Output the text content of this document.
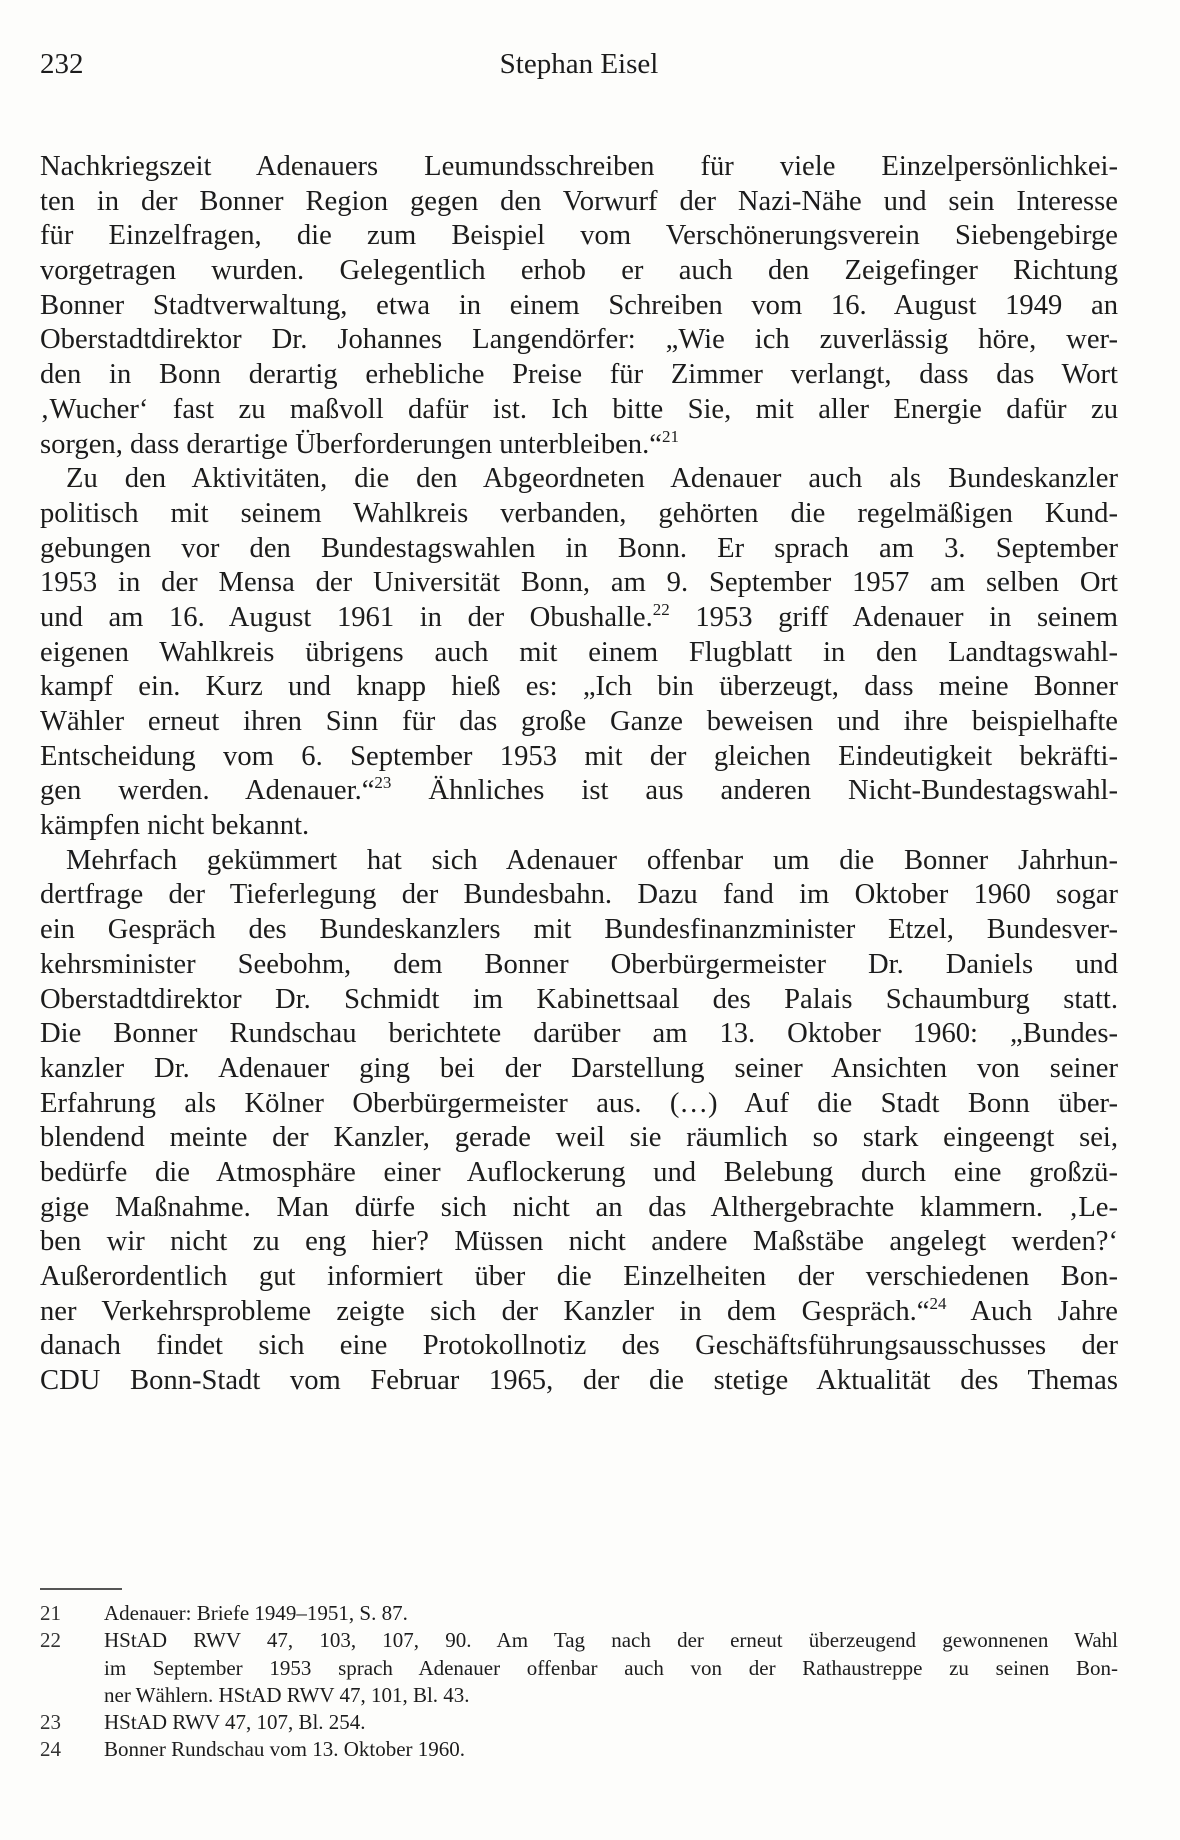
232	Stephan Eisel
Nachkriegszeit Adenauers Leumundsschreiben für viele Einzelpersönlichkei-
ten in der Bonner Region gegen den Vorwurf der Nazi-Nähe und sein Interesse
für Einzelfragen, die zum Beispiel vom Verschönerungsverein Siebengebirge
vorgetragen wurden. Gelegentlich erhob er auch den Zeigefinger Richtung
Bonner Stadtverwaltung, etwa in einem Schreiben vom 16. August 1949 an
Oberstadtdirektor Dr. Johannes Langendörfer: „Wie ich zuverlässig höre, wer-
den in Bonn derartig erhebliche Preise für Zimmer verlangt, dass das Wort
‚Wucher‘ fast zu maßvoll dafür ist. Ich bitte Sie, mit aller Energie dafür zu
sorgen, dass derartige Überforderungen unterbleiben.“$^{21}$
Zu den Aktivitäten, die den Abgeordneten Adenauer auch als Bundeskanzler
politisch mit seinem Wahlkreis verbanden, gehörten die regelmäßigen Kund-
gebungen vor den Bundestagswahlen in Bonn. Er sprach am 3. September
1953 in der Mensa der Universität Bonn, am 9. September 1957 am selben Ort
und am 16. August 1961 in der Obushalle.$^{22}$ 1953 griff Adenauer in seinem
eigenen Wahlkreis übrigens auch mit einem Flugblatt in den Landtagswahl-
kampf ein. Kurz und knapp hieß es: „Ich bin überzeugt, dass meine Bonner
Wähler erneut ihren Sinn für das große Ganze beweisen und ihre beispielhafte
Entscheidung vom 6. September 1953 mit der gleichen Eindeutigkeit bekräfti-
gen werden. Adenauer.“$^{23}$ Ähnliches ist aus anderen Nicht-Bundestagswahl-
kämpfen nicht bekannt.
Mehrfach gekümmert hat sich Adenauer offenbar um die Bonner Jahrhun-
dertfrage der Tieferlegung der Bundesbahn. Dazu fand im Oktober 1960 sogar
ein Gespräch des Bundeskanzlers mit Bundesfinanzminister Etzel, Bundesver-
kehrsminister Seebohm, dem Bonner Oberbürgermeister Dr. Daniels und
Oberstadtdirektor Dr. Schmidt im Kabinettsaal des Palais Schaumburg statt.
Die Bonner Rundschau berichtete darüber am 13. Oktober 1960: „Bundes-
kanzler Dr. Adenauer ging bei der Darstellung seiner Ansichten von seiner
Erfahrung als Kölner Oberbürgermeister aus. (…) Auf die Stadt Bonn über-
blendend meinte der Kanzler, gerade weil sie räumlich so stark eingeengt sei,
bedürfe die Atmosphäre einer Auflockerung und Belebung durch eine großzü-
gige Maßnahme. Man dürfe sich nicht an das Althergebrachte klammern. ‚Le-
ben wir nicht zu eng hier? Müssen nicht andere Maßstäbe angelegt werden?‘
Außerordentlich gut informiert über die Einzelheiten der verschiedenen Bon-
ner Verkehrsprobleme zeigte sich der Kanzler in dem Gespräch.“$^{24}$ Auch Jahre
danach findet sich eine Protokollnotiz des Geschäftsführungsausschusses der
CDU Bonn-Stadt vom Februar 1965, der die stetige Aktualität des Themas
21	Adenauer: Briefe 1949–1951, S. 87.
22	HStAD RWV 47, 103, 107, 90. Am Tag nach der erneut überzeugend gewonnenen Wahl
im September 1953 sprach Adenauer offenbar auch von der Rathaustreppe zu seinen Bon-
ner Wählern. HStAD RWV 47, 101, Bl. 43.
23	HStAD RWV 47, 107, Bl. 254.
24	Bonner Rundschau vom 13. Oktober 1960.
